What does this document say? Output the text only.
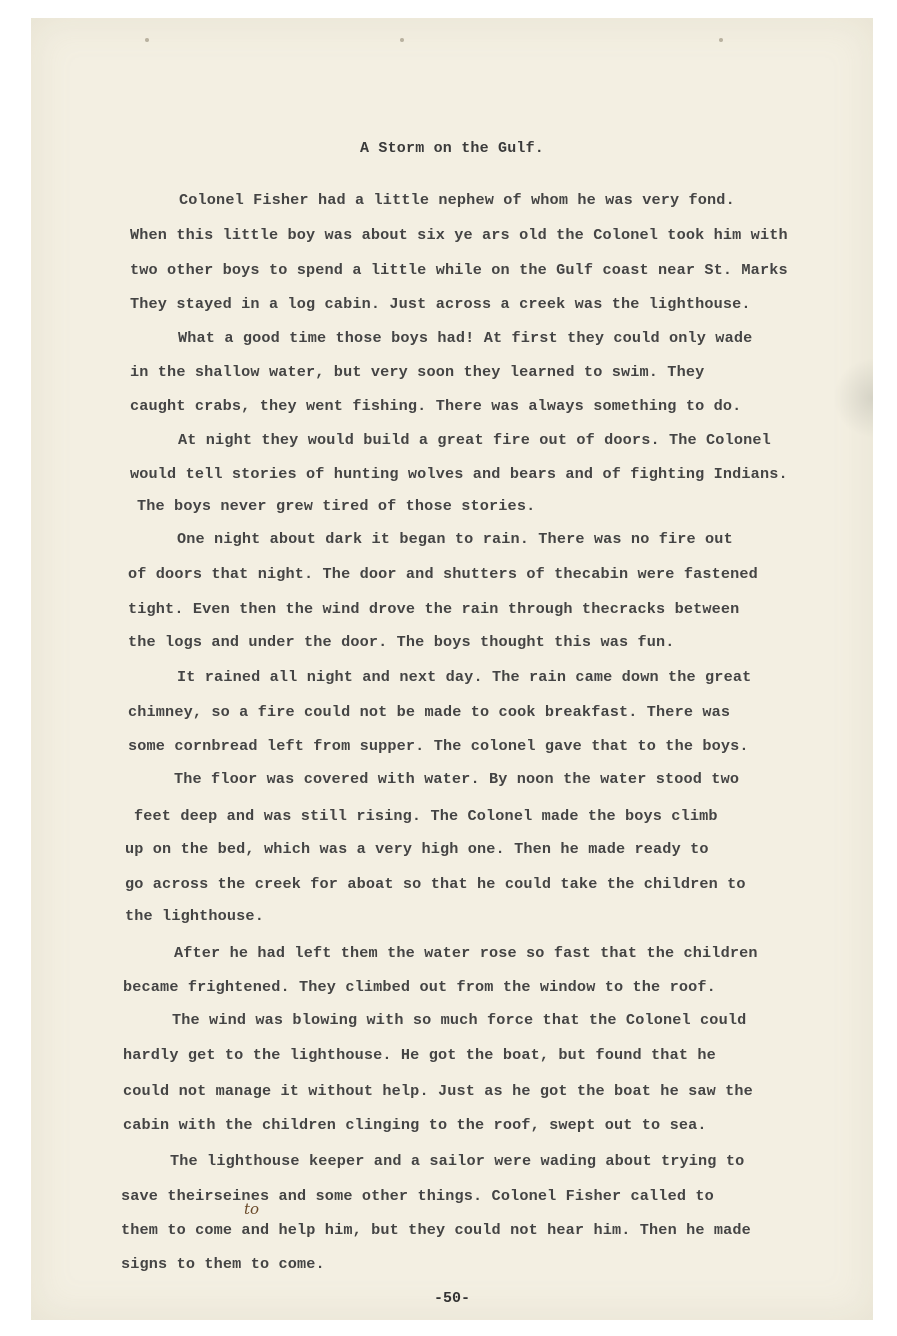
A Storm on the Gulf.
Colonel Fisher had a little nephew of whom he was very fond.
When this little boy was about six ye ars old the Colonel took him with
two other boys to spend a little while on the Gulf coast near St. Marks
They stayed in a log cabin. Just across a creek was the lighthouse.
What a good time those boys had! At first they could only wade
in the shallow water, but very soon they learned to swim. They
caught crabs, they went fishing. There was always something to do.
At night they would build a great fire out of doors. The Colonel
would tell stories of hunting wolves and bears and of fighting Indians.
The boys never grew tired of those stories.
One night about dark it began to rain. There was no fire out
of doors that night. The door and shutters of thecabin were fastened
tight. Even then the wind drove the rain through thecracks between
the logs and under the door. The boys thought this was fun.
It rained all night and next day. The rain came down the great
chimney, so a fire could not be made to cook breakfast. There was
some cornbread left from supper. The colonel gave that to the boys.
The floor was covered with water. By noon the water stood two
feet deep and was still rising. The Colonel made the boys climb
up on the bed, which was a very high one. Then he made ready to
go across the creek for aboat so that he could take the children to
the lighthouse.
After he had left them the water rose so fast that the children
became frightened. They climbed out from the window to the roof.
The wind was blowing with so much force that the Colonel could
hardly get to the lighthouse. He got the boat, but found that he
could not manage it without help. Just as he got the boat he saw the
cabin with the children clinging to the roof, swept out to sea.
The lighthouse keeper and a sailor were wading about trying to
save theirseines and some other things. Colonel Fisher called to
them to come and help him, but they could not hear him. Then he made
signs to them to come.
to
-50-
